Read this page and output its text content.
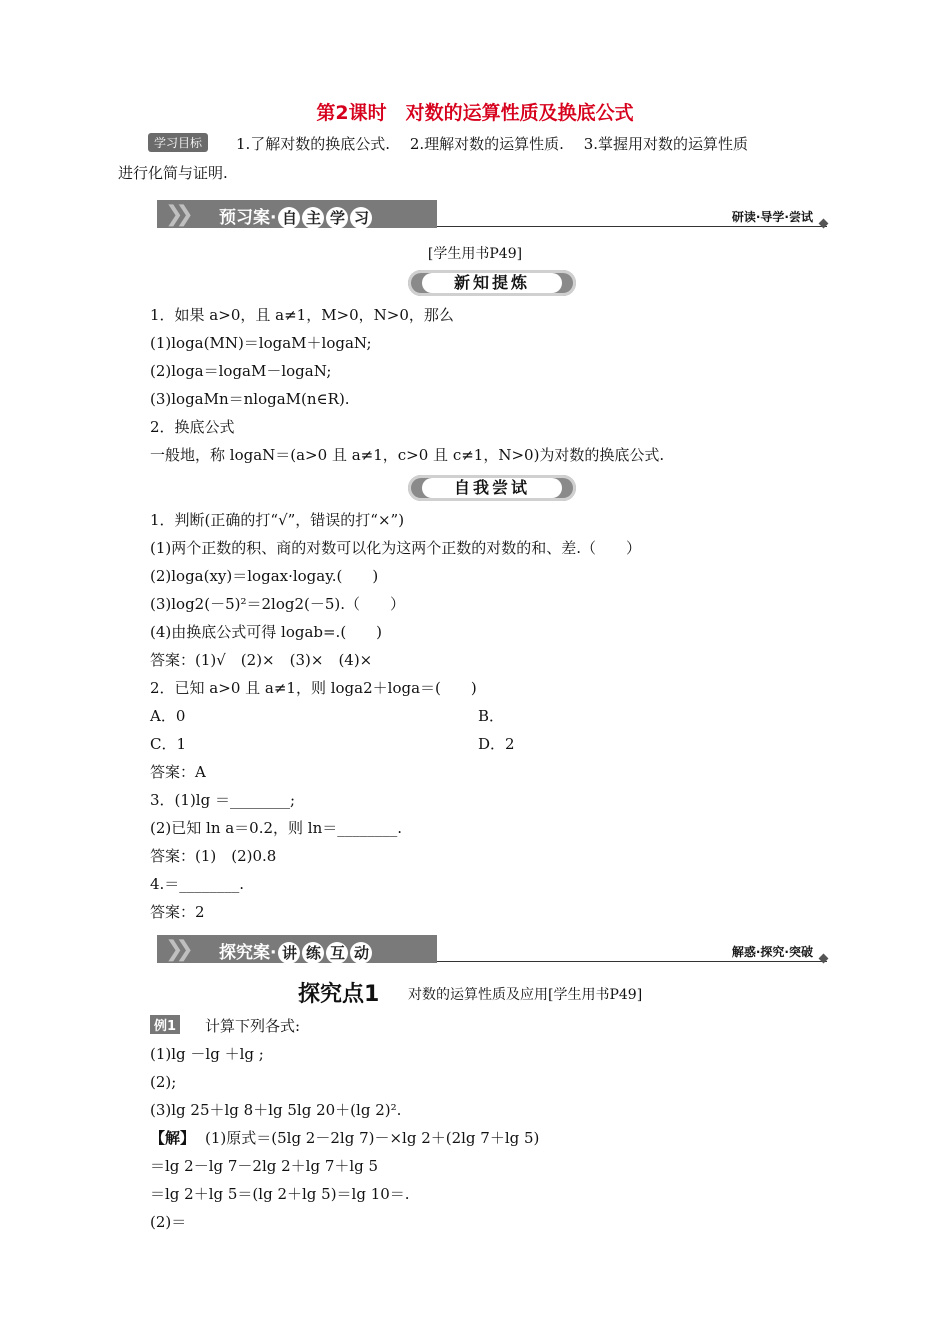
第2课时　对数的运算性质及换底公式
学习目标	1.了解对数的换底公式.　 2.理解对数的运算性质.　 3.掌握用对数的运算性质
进行化简与证明.
❯❯ 预习案· 自 主 学 习	研读·导学·尝试
[学生用书P49]
新知提炼
1．如果 a>0，且 a≠1，M>0，N>0，那么
(1)loga(MN)＝logaM＋logaN;
(2)loga＝logaM－logaN;
(3)logaMn＝nlogaM(n∈R).
2．换底公式
一般地，称 logaN＝(a>0 且 a≠1，c>0 且 c≠1，N>0)为对数的换底公式.
自我尝试
1．判断(正确的打“√”，错误的打“×”)
(1)两个正数的积、商的对数可以化为这两个正数的对数的和、差.（　　）
(2)loga(xy)＝logax·logay.(　　)
(3)log2(－5)²＝2log2(－5).（　　）
(4)由换底公式可得 logab=.(　　)
答案：(1)√　(2)×　(3)×　(4)×
2．已知 a>0 且 a≠1，则 loga2＋loga＝(　　)
A．0	B．
C．1	D．2
答案：A
3．(1)lg ＝________;
(2)已知 ln a＝0.2，则 ln＝________.
答案：(1)　(2)0.8
4.＝________.
答案：2
❯❯ 探究案· 讲 练 互 动	解惑·探究·突破
探究点1 对数的运算性质及应用[学生用书P49]
例1 计算下列各式:
(1)lg －lg ＋lg ;
(2);
(3)lg 25＋lg 8＋lg 5lg 20＋(lg 2)².
【解】 (1)原式＝(5lg 2－2lg 7)－×lg 2＋(2lg 7＋lg 5)
＝lg 2－lg 7－2lg 2＋lg 7＋lg 5
＝lg 2＋lg 5＝(lg 2＋lg 5)＝lg 10＝.
(2)＝
